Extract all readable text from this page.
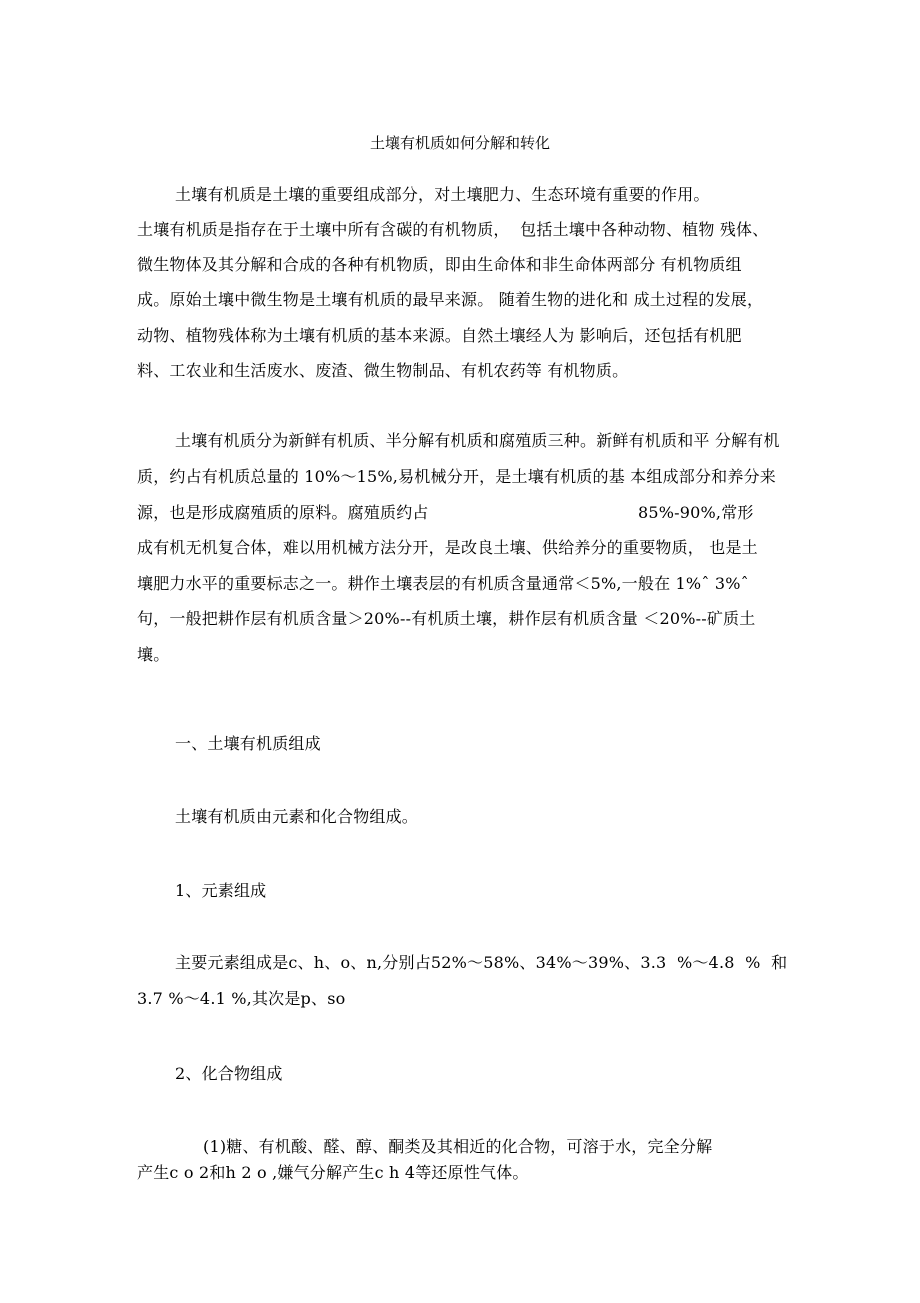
土壤有机质如何分解和转化
土壤有机质是土壤的重要组成部分，对土壤肥力、生态环境有重要的作用。
土壤有机质是指存在于土壤中所有含碳的有机物质，  包括土壤中各种动物、植物 残体、
微生物体及其分解和合成的各种有机物质，即由生命体和非生命体两部分 有机物质组
成。原始土壤中微生物是土壤有机质的最早来源。 随着生物的进化和 成土过程的发展，
动物、植物残体称为土壤有机质的基本来源。自然土壤经人为 影响后，还包括有机肥
料、工农业和生活废水、废渣、微生物制品、有机农药等 有机物质。
土壤有机质分为新鲜有机质、半分解有机质和腐殖质三种。新鲜有机质和平 分解有机
质，约占有机质总量的 10%～15%,易机械分开，是土壤有机质的基 本组成部分和养分来
源，也是形成腐殖质的原料。腐殖质约占	85%-90%,常形
成有机无机复合体，难以用机械方法分开，是改良土壤、供给养分的重要物质， 也是土
壤肥力水平的重要标志之一。耕作土壤表层的有机质含量通常＜5%,一般在 1%ˆ 3%ˆ
句，一般把耕作层有机质含量＞20%--有机质土壤，耕作层有机质含量 ＜20%--矿质土
壤。
一、土壤有机质组成
土壤有机质由元素和化合物组成。
1、元素组成
主要元素组成是c、h、o、n,分别占52%～58%、34%～39%、3.3  %～4.8  %  和
3.7 %～4.1 %,其次是p、so
2、化合物组成
(1)糖、有机酸、醛、醇、酮类及其相近的化合物，可溶于水，完全分解
产生c o 2和h 2 o ,嫌气分解产生c h 4等还原性气体。
